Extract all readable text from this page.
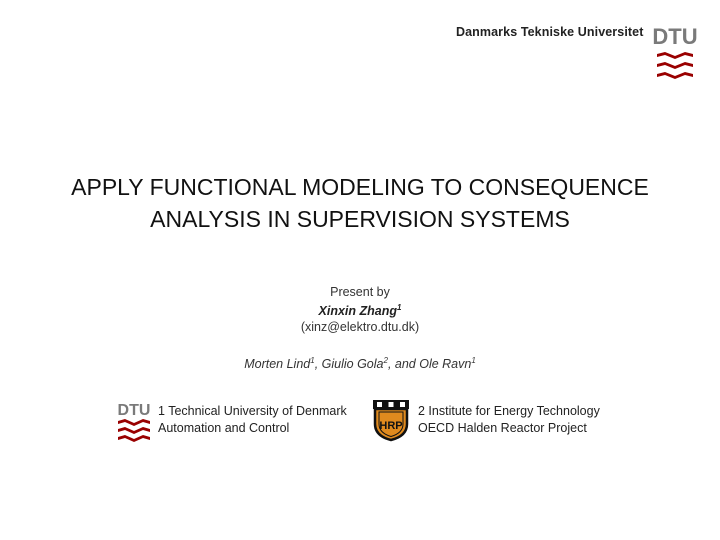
Danmarks Tekniske Universitet DTU
APPLY FUNCTIONAL MODELING TO CONSEQUENCE
ANALYSIS IN SUPERVISION SYSTEMS
Present by
Xinxin Zhang$^1$
(xinz@elektro.dtu.dk)
Morten Lind$^1$, Giulio Gola$^2$, and Ole Ravn$^1$
DTU 1 Technical University of Denmark
Automation and Control	HRP
2 Institute for Energy Technology
OECD Halden Reactor Project
